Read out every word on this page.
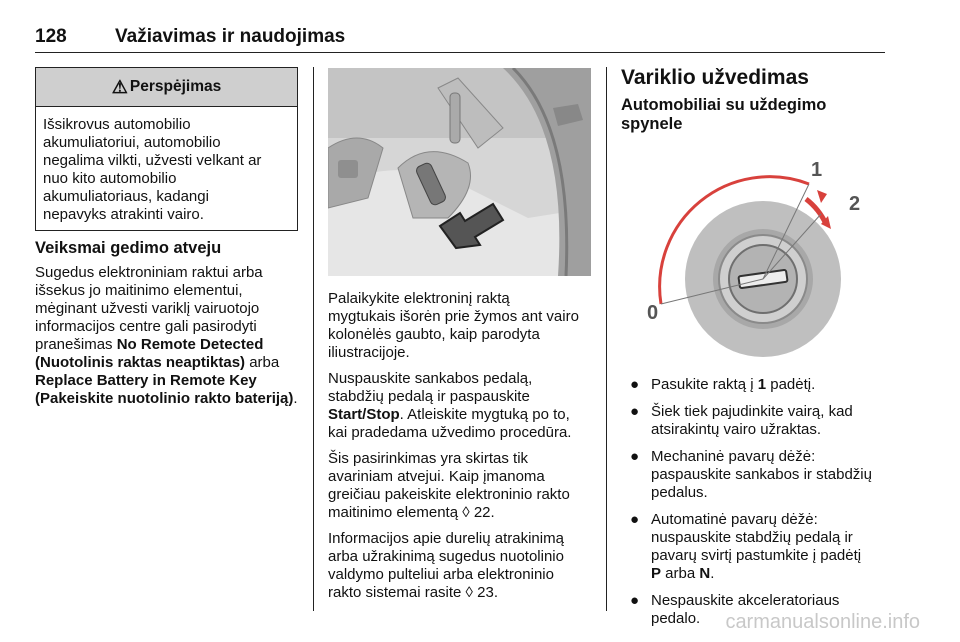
128	Važiavimas ir naudojimas
⚠ Perspėjimas
Išsikrovus automobilio
akumuliatoriui, automobilio
negalima vilkti, užvesti velkant ar
nuo kito automobilio
akumuliatoriaus, kadangi
nepavyks atrakinti vairo.
Veiksmai gedimo atveju
Sugedus elektroniniam raktui arba
išsekus jo maitinimo elementui,
mėginant užvesti variklį vairuotojo
informacijos centre gali pasirodyti
pranešimas No Remote Detected
(Nuotolinis raktas neaptiktas) arba
Replace Battery in Remote Key
(Pakeiskite nuotolinio rakto bateriją).

Palaikykite elektroninį raktą
mygtukais išorėn prie žymos ant vairo
kolonėlės gaubto, kaip parodyta
iliustracijoje.

Nuspauskite sankabos pedalą,
stabdžių pedalą ir paspauskite
Start/Stop. Atleiskite mygtuką po to,
kai pradedama užvedimo procedūra.

Šis pasirinkimas yra skirtas tik
avariniam atvejui. Kaip įmanoma
greičiau pakeiskite elektroninio rakto
maitinimo elementą ◊ 22.

Informacijos apie durelių atrakinimą
arba užrakinimą sugedus nuotolinio
valdymo pulteliui arba elektroninio
rakto sistemai rasite ◊ 23.

Variklio užvedimas
Automobiliai su uždegimo
spynele
0
1
2
● Pasukite raktą į 1 padėtį.
● Šiek tiek pajudinkite vairą, kad
atsirakintų vairo užraktas.
● Mechaninė pavarų dėžė:
paspauskite sankabos ir stabdžių
pedalus.
● Automatinė pavarų dėžė:
nuspauskite stabdžių pedalą ir
pavarų svirtį pastumkite į padėtį
P arba N.
● Nespauskite akceleratoriaus
pedalo.	carmanualsonline.info
